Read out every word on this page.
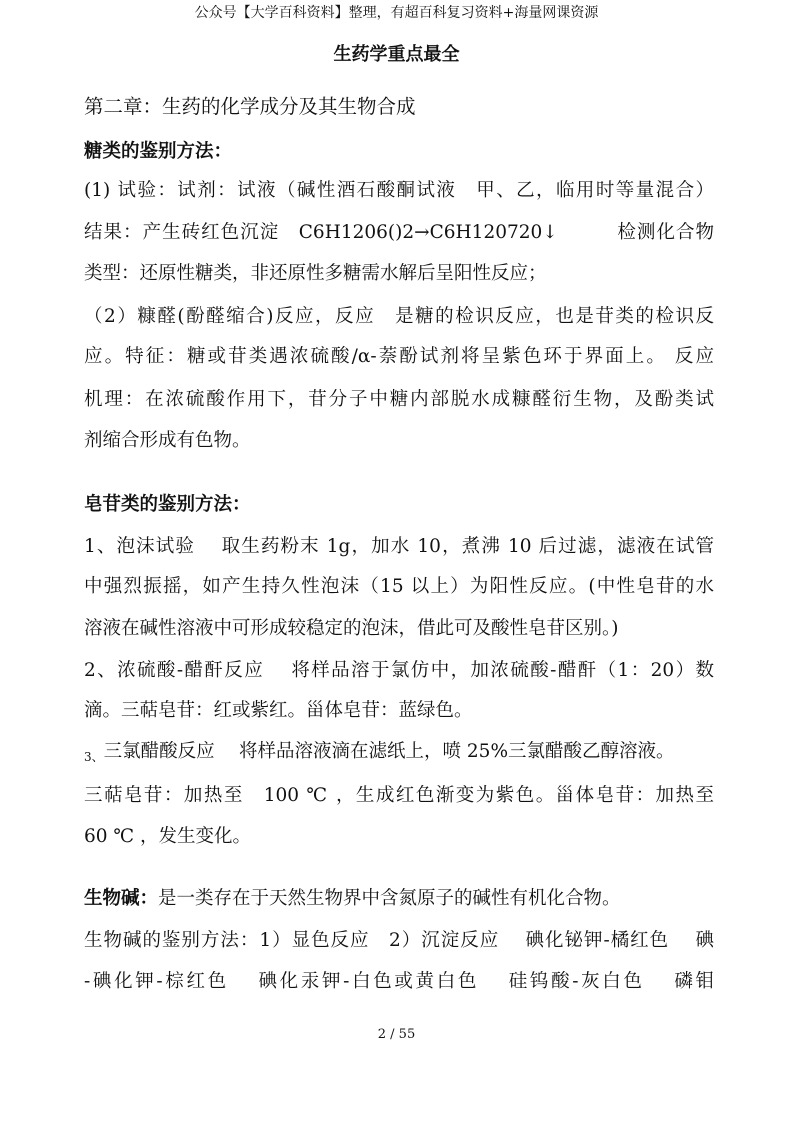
公众号【大学百科资料】整理，有超百科复习资料+海量网课资源
生药学重点最全
第二章：生药的化学成分及其生物合成
糖类的鉴别方法：
(1) 试验：试剂：试液（碱性酒石酸酮试液　甲、乙，临用时等量混合）
结果：产生砖红色沉淀　C6H1206()2→C6H120720↓　　　检测化合物
类型：还原性糖类，非还原性多糖需水解后呈阳性反应；
（2）糠醛(酚醛缩合)反应，反应　是糖的检识反应，也是苷类的检识反
应。特征：糖或苷类遇浓硫酸/α-萘酚试剂将呈紫色环于界面上。 反应
机理：在浓硫酸作用下，苷分子中糖内部脱水成糠醛衍生物，及酚类试
剂缩合形成有色物。
皂苷类的鉴别方法：
1、泡沫试验　 取生药粉末 1g，加水 10，煮沸 10 后过滤，滤液在试管
中强烈振摇，如产生持久性泡沫（15 以上）为阳性反应。(中性皂苷的水
溶液在碱性溶液中可形成较稳定的泡沫，借此可及酸性皂苷区别。)
2、浓硫酸-醋酐反应　 将样品溶于氯仿中，加浓硫酸-醋酐（1：20）数
滴。三萜皂苷：红或紫红。甾体皂苷：蓝绿色。
$_{3、}$三氯醋酸反应　 将样品溶液滴在滤纸上，喷 25%三氯醋酸乙醇溶液。
三萜皂苷：加热至　100 ℃ ，生成红色渐变为紫色。甾体皂苷：加热至
60 ℃ ，发生变化。
生物碱：是一类存在于天然生物界中含氮原子的碱性有机化合物。
生物碱的鉴别方法：1）显色反应　2）沉淀反应　 碘化铋钾-橘红色　 碘
-碘化钾-棕红色　 碘化汞钾-白色或黄白色　 硅钨酸-灰白色　 磷钼
2 / 55
